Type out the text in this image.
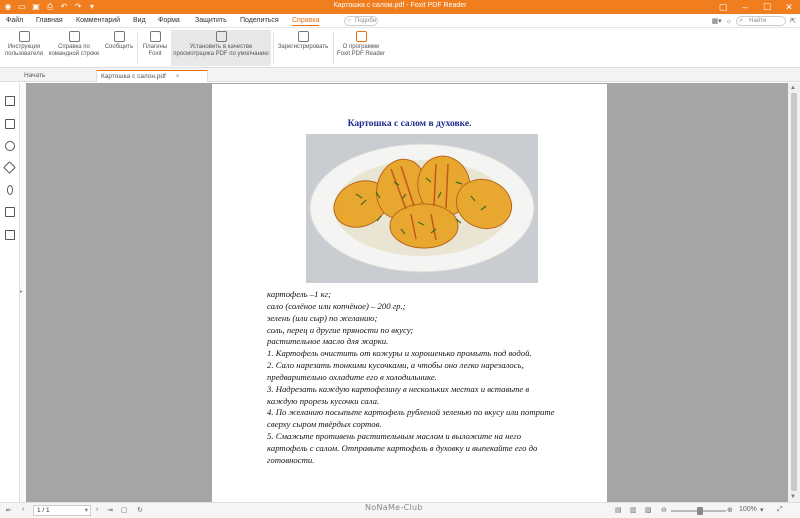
◉ ▭ ▣ ⎙ ↶ ↷	▾	Картошка с салом.pdf - Foxit PDF Reader	▢	–	☐	✕
Файл Главная Комментарий Вид Форма Защитить Поделиться Справка	○ Подобн	▦▾ ☼	⌕ Найти	⇱
Инструкция
пользователя
Справка по
командной строке
Сообщить	Плагины
Foxit
Установить в качестве
просмотрщика PDF по умолчанию
Зарегистрировать	О программе
Foxit PDF Reader
Начать	Картошка с салон.pdf ×
▸
▲
▼
Картошка с салом в духовке.
картофель –1 кг;
сало (солёное или копчёное) – 200 гр.;
зелень (или сыр) по желанию;
соль, перец и другие пряности по вкусу;
растительное масло для жарки.
1. Картофель очистить от кожуры и хорошенько промыть под водой.
2. Сало нарезать тонкими кусочками, а чтобы оно легко нарезалось,
предварительно охладите его в холодильнике.
3. Надрезать каждую картофелину в нескольких местах и вставьте в
каждую прорезь кусочки сала.
4. По желанию посыпьте картофель рубленой зеленью по вкусу или потрите
сверху сыром твёрдых сортов.
5. Смажьте противень растительным маслом и выложите на него
картофель с салом. Отправьте картофель в духовку и выпекайте его до
готовности.
⇤ ‹	1 / 1 ▾	› ⇥ ▢ ↻	▤ ▥ ▧ ⊖	⊕ 100% ▾ ⤢
NoNaMe-Club
